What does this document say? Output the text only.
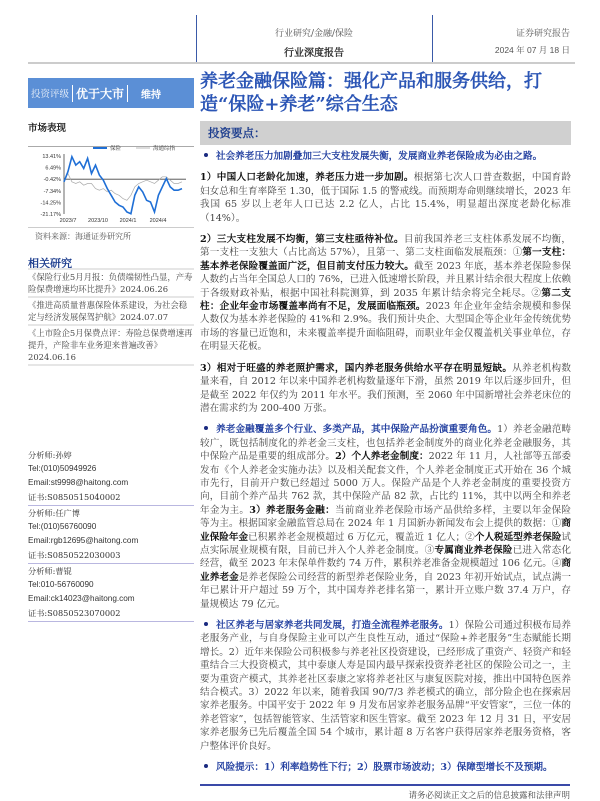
行业研究/金融/保险
行业深度报告
证券研究报告
2024 年 07 月 18 日
投资评级 优于大市	维持
市场表现
13.41%
6.49%
-0.42%
-7.34%
-14.25%
-21.17%
2023/7 2023/10 2024/1 2024/4
海通综指
保险
资料来源：海通证券研究所
相关研究
《保险行业5月月报：负债端韧性凸显，产寿险保费增速均环比提升》2024.06.26
《推进高质量普惠保险体系建设，为社会稳定与经济发展保驾护航》2024.07.07
《上市险企5月保费点评：寿险总保费增速再提升，产险非车业务迎来普遍改善》2024.06.16
分析师:孙婷
Tel:(010)50949926
Email:st9998@haitong.com
证书:S0850515040002
分析师:任广博
Tel:(010)56760090
Email:rgb12695@haitong.com
证书:S0850522030003
分析师:曹锟
Tel:010-56760090
Email:ck14023@haitong.com
证书:S0850523070002
养老金融保险篇：强化产品和服务供给，打造“保险+养老”综合生态
投资要点：
社会养老压力加剧叠加三大支柱发展失衡，发展商业养老保险成为必由之路。
1）中国人口老龄化加速，养老压力进一步加剧。根据第七次人口普查数据，中国育龄妇女总和生育率降至 1.30，低于国际 1.5 的警戒线。而预期寿命则继续增长，2023 年我国 65 岁以上老年人口已达 2.2 亿人，占比 15.4%，明显超出深度老龄化标准（14%）。
2）三大支柱发展不均衡，第三支柱亟待补位。目前我国养老三支柱体系发展不均衡，第一支柱一支独大（占比高达 57%），且第一、第二支柱面临发展瓶颈：①第一支柱：基本养老保险覆盖面广泛，但目前支付压力较大。截至 2023 年底，基本养老保险参保人数约占当年全国总人口的 76%，已进入低速增长阶段，并且累计结余很大程度上依赖于各级财政补贴，根据中国社科院测算，到 2035 年累计结余将完全耗尽。②第二支柱：企业年金市场覆盖率尚有不足，发展面临瓶颈。2023 年企业年金结余规模和参保人数仅为基本养老保险的 41%和 2.9%。我们预计央企、大型国企等企业年金传统优势市场的容量已近饱和，未来覆盖率提升面临阻碍，而职业年金仅覆盖机关事业单位，存在明显天花板。
3）相对于旺盛的养老照护需求，国内养老服务供给水平存在明显短缺。从养老机构数量来看，自 2012 年以来中国养老机构数量逐年下滑，虽然 2019 年以后逐步回升，但是截至 2022 年仅约为 2011 年水平。我们预测，至 2060 年中国新增社会养老床位的潜在需求约为 200-400 万张。
养老金融覆盖多个行业、多类产品，其中保险产品扮演重要角色。1）养老金融范畴较广，既包括制度化的养老金三支柱，也包括养老金制度外的商业化养老金融服务，其中保险产品是重要的组成部分。2）个人养老金制度：2022 年 11 月，人社部等五部委发布《个人养老金实施办法》以及相关配套文件，个人养老金制度正式开始在 36 个城市先行，目前开户数已经超过 5000 万人。保险产品是个人养老金制度的重要投资方向，目前个养产品共 762 款，其中保险产品 82 款，占比约 11%，其中以两全和养老年金为主。3）养老服务金融：当前商业养老保险市场产品供给多样，主要以年金保险等为主。根据国家金融监管总局在 2024 年 1 月国新办新闻发布会上提供的数据：①商业保险年金已积累养老金规模超过 6 万亿元，覆盖近 1 亿人；②个人税延型养老保险试点实际展业规模有限，目前已并入个人养老金制度。③专属商业养老保险已进入常态化经营，截至 2023 年末保单件数约 74 万件，累积养老准备金规模超过 106 亿元。④商业养老金是养老保险公司经营的新型养老保险业务，自 2023 年初开始试点，试点满一年已累计开户超过 59 万个，其中国寿养老排名第一，累计开立账户数 37.4 万户，存量规模达 79 亿元。
社区养老与居家养老共同发展，打造全流程养老服务。1）保险公司通过积极布局养老服务产业，与自身保险主业可以产生良性互动，通过“保险+养老服务”生态赋能长期增长。2）近年来保险公司积极参与养老社区投资建设，已经形成了重资产、轻资产和轻重结合三大投资模式，其中泰康人寿是国内最早探索投资养老社区的保险公司之一，主要为重资产模式，其养老社区泰康之家将养老社区与康复医院对接，推出中国特色医养结合模式。3）2022 年以来，随着我国 90/7/3 养老模式的确立，部分险企也在探索居家养老服务。中国平安于 2022 年 9 月发布居家养老服务品牌“平安管家”，三位一体的养老管家”，包括智能管家、生活管家和医生管家。截至 2023 年 12 月 31 日，平安居家养老服务已先后覆盖全国 54 个城市，累计超 8 万名客户获得居家养老服务资格，客户整体评价良好。
风险提示：1）利率趋势性下行；2）股票市场波动；3）保障型增长不及预期。
请务必阅读正文之后的信息披露和法律声明
